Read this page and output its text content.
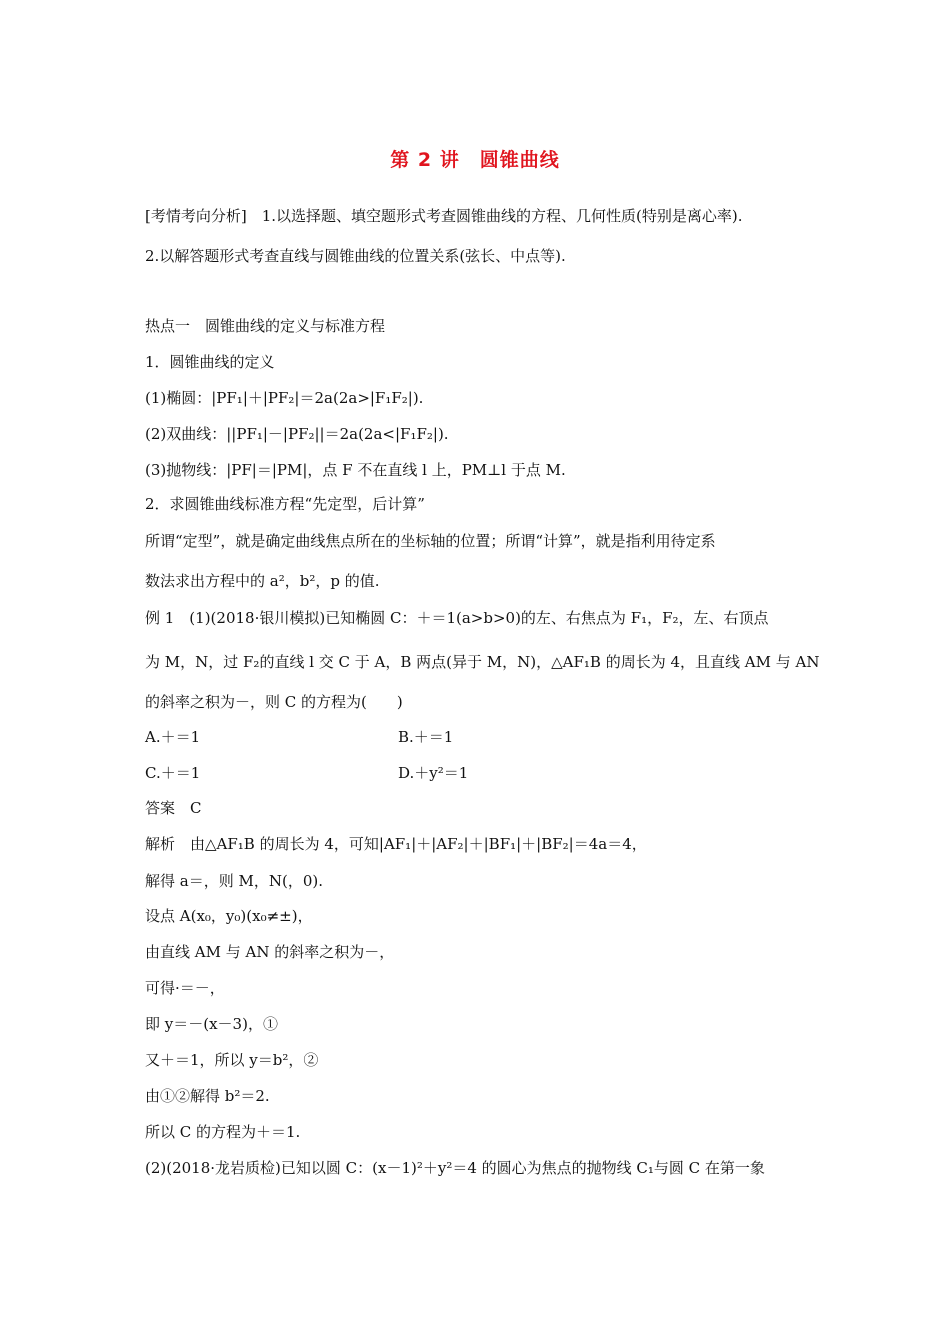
第 2 讲　圆锥曲线
[考情考向分析]　1.以选择题、填空题形式考查圆锥曲线的方程、几何性质(特别是离心率).
2.以解答题形式考查直线与圆锥曲线的位置关系(弦长、中点等).
热点一　圆锥曲线的定义与标准方程
1．圆锥曲线的定义
(1)椭圆：|PF₁|＋|PF₂|＝2a(2a>|F₁F₂|).
(2)双曲线：||PF₁|－|PF₂||＝2a(2a<|F₁F₂|).
(3)抛物线：|PF|＝|PM|，点 F 不在直线 l 上，PM⊥l 于点 M.
2．求圆锥曲线标准方程“先定型，后计算”
所谓“定型”，就是确定曲线焦点所在的坐标轴的位置；所谓“计算”，就是指利用待定系
数法求出方程中的 a²，b²，p 的值.
例 1　(1)(2018·银川模拟)已知椭圆 C：＋＝1(a>b>0)的左、右焦点为 F₁，F₂，左、右顶点
为 M，N，过 F₂的直线 l 交 C 于 A，B 两点(异于 M，N)，△AF₁B 的周长为 4，且直线 AM 与 AN
的斜率之积为－，则 C 的方程为(　　)
A.＋＝1	B.＋＝1
C.＋＝1	D.＋y²＝1
答案　C
解析　由△AF₁B 的周长为 4，可知|AF₁|＋|AF₂|＋|BF₁|＋|BF₂|＝4a＝4，
解得 a＝，则 M，N(，0).
设点 A(x₀，y₀)(x₀≠±)，
由直线 AM 与 AN 的斜率之积为－，
可得·＝－，
即 y＝－(x－3)，①
又＋＝1，所以 y＝b²，②
由①②解得 b²＝2.
所以 C 的方程为＋＝1.
(2)(2018·龙岩质检)已知以圆 C：(x－1)²＋y²＝4 的圆心为焦点的抛物线 C₁与圆 C 在第一象
